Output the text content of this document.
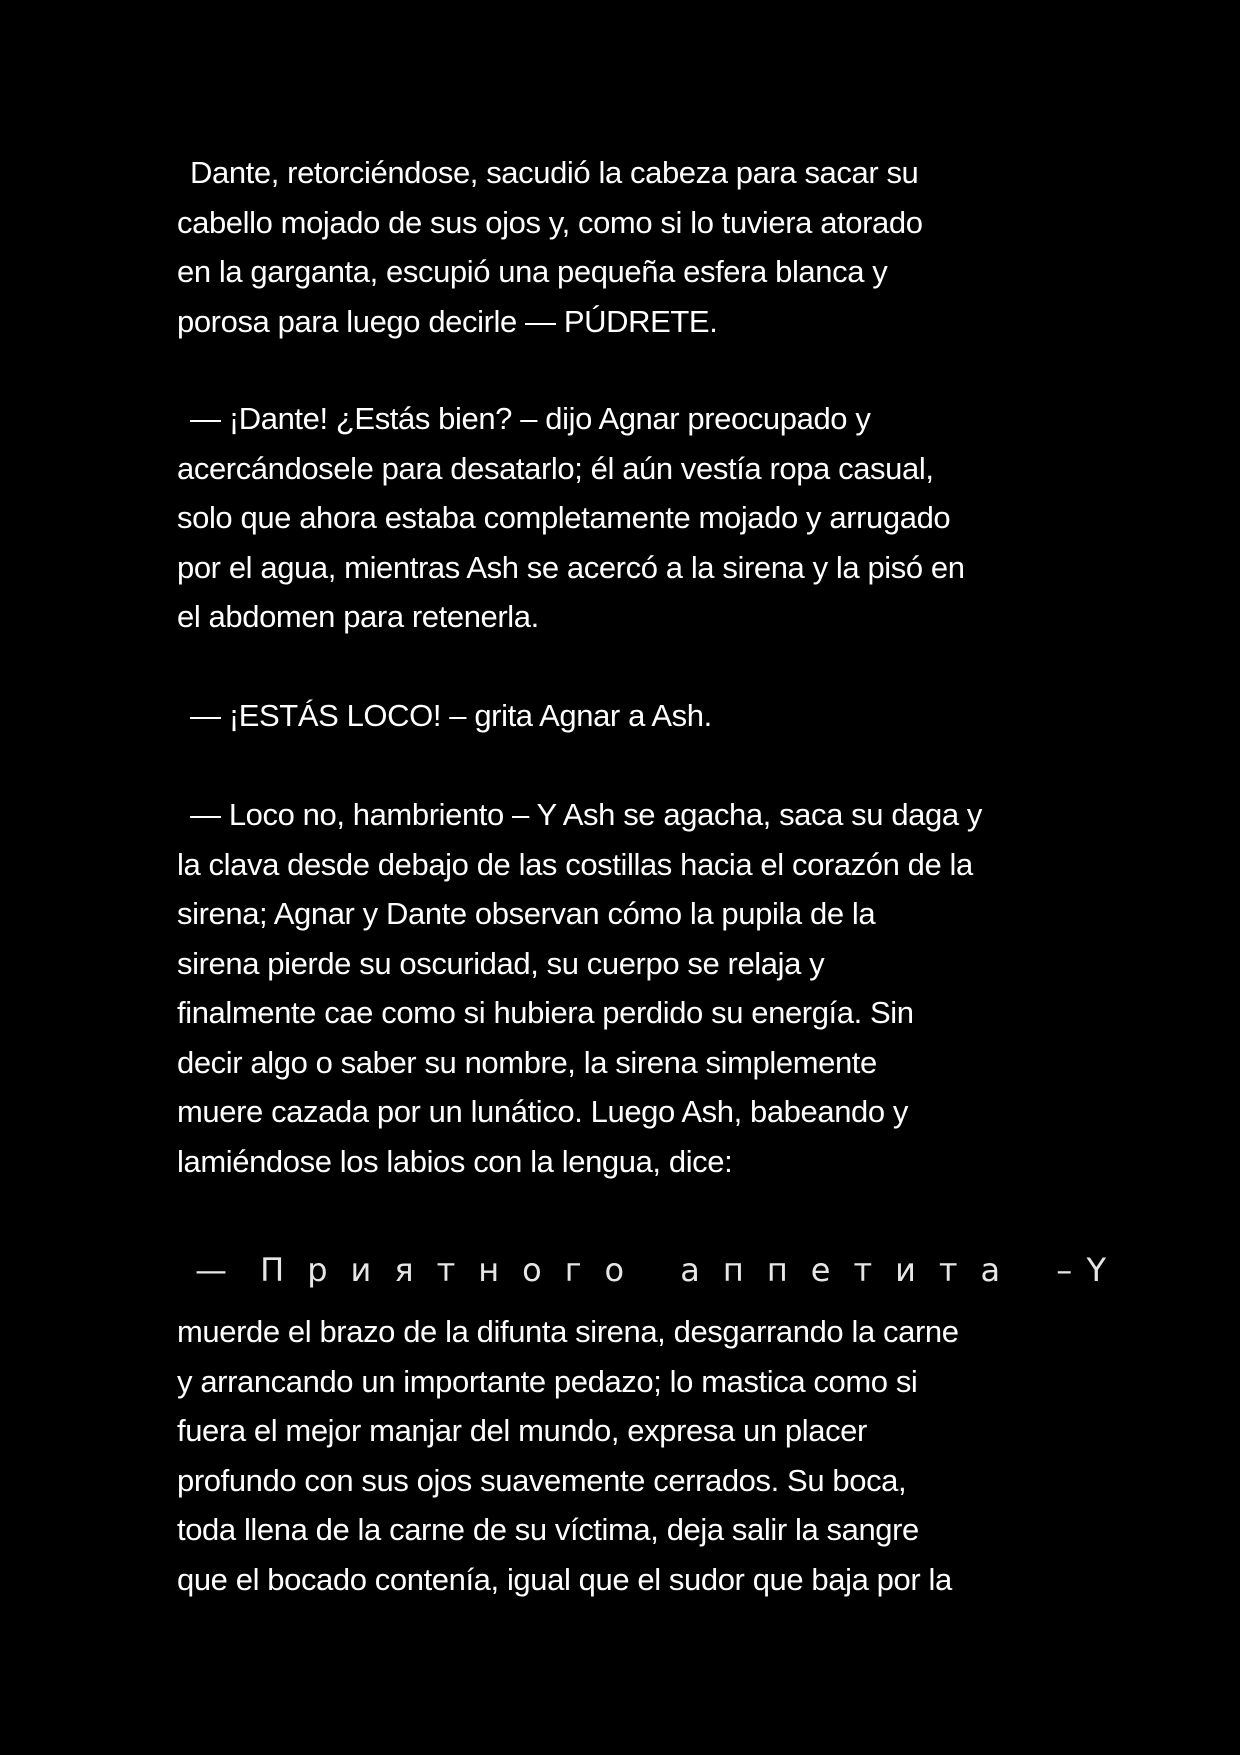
Dante, retorciéndose, sacudió la cabeza para sacar su
cabello mojado de sus ojos y, como si lo tuviera atorado
en la garganta, escupió una pequeña esfera blanca y
porosa para luego decirle — PÚDRETE.
— ¡Dante! ¿Estás bien? – dijo Agnar preocupado y
acercándosele para desatarlo; él aún vestía ropa casual,
solo que ahora estaba completamente mojado y arrugado
por el agua, mientras Ash se acercó a la sirena y la pisó en
el abdomen para retenerla.
— ¡ESTÁS LOCO! – grita Agnar a Ash.
— Loco no, hambriento – Y Ash se agacha, saca su daga y
la clava desde debajo de las costillas hacia el corazón de la
sirena; Agnar y Dante observan cómo la pupila de la
sirena pierde su oscuridad, su cuerpo se relaja y
finalmente cae como si hubiera perdido su energía. Sin
decir algo o saber su nombre, la sirena simplemente
muere cazada por un lunático. Luego Ash, babeando y
lamiéndose los labios con la lengua, dice:
— Приятного аппетита – Y
muerde el brazo de la difunta sirena, desgarrando la carne
y arrancando un importante pedazo; lo mastica como si
fuera el mejor manjar del mundo, expresa un placer
profundo con sus ojos suavemente cerrados. Su boca,
toda llena de la carne de su víctima, deja salir la sangre
que el bocado contenía, igual que el sudor que baja por la
